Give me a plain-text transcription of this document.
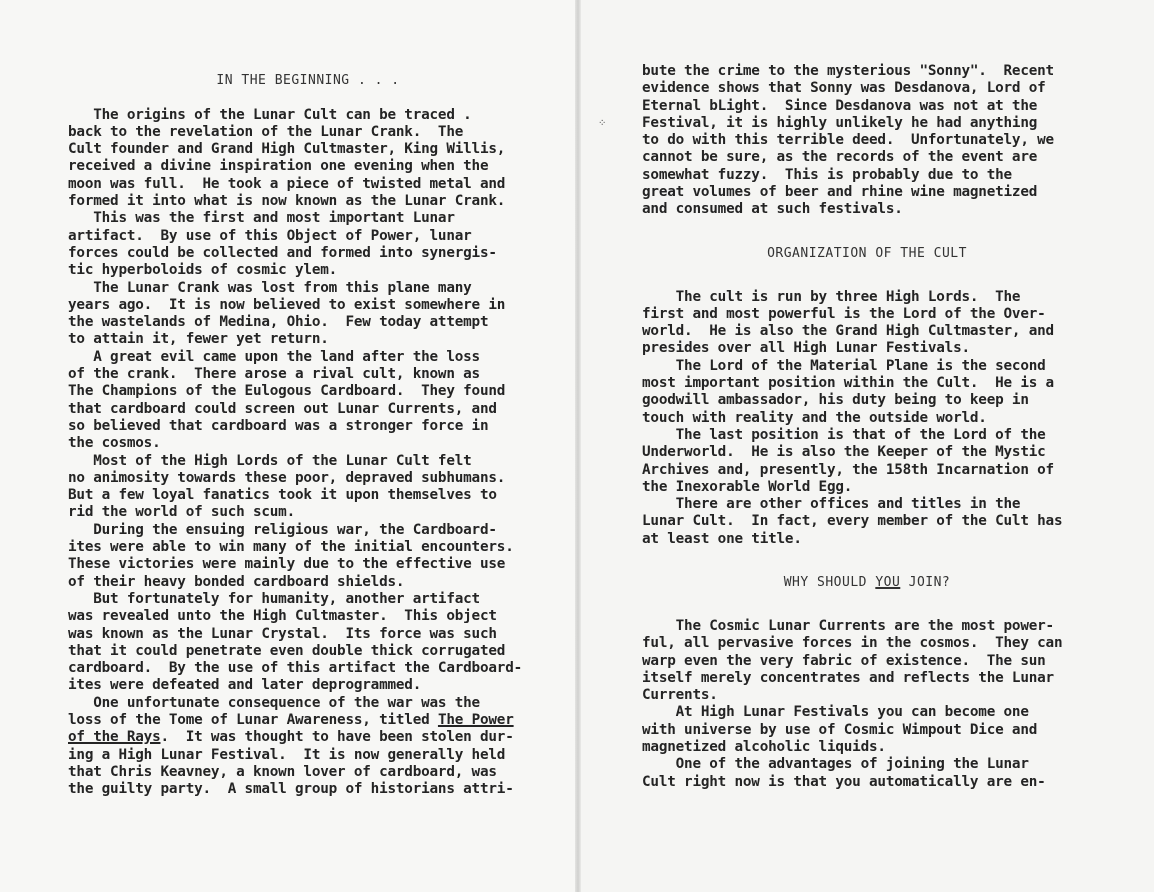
IN THE BEGINNING . . .
The origins of the Lunar Cult can be traced .
back to the revelation of the Lunar Crank.  The
Cult founder and Grand High Cultmaster, King Willis,
received a divine inspiration one evening when the
moon was full.  He took a piece of twisted metal and
formed it into what is now known as the Lunar Crank.
This was the first and most important Lunar
artifact.  By use of this Object of Power, lunar
forces could be collected and formed into synergis-
tic hyperboloids of cosmic ylem.
The Lunar Crank was lost from this plane many
years ago.  It is now believed to exist somewhere in
the wastelands of Medina, Ohio.  Few today attempt
to attain it, fewer yet return.
A great evil came upon the land after the loss
of the crank.  There arose a rival cult, known as
The Champions of the Eulogous Cardboard.  They found
that cardboard could screen out Lunar Currents, and
so believed that cardboard was a stronger force in
the cosmos.
Most of the High Lords of the Lunar Cult felt
no animosity towards these poor, depraved subhumans.
But a few loyal fanatics took it upon themselves to
rid the world of such scum.
During the ensuing religious war, the Cardboard-
ites were able to win many of the initial encounters.
These victories were mainly due to the effective use
of their heavy bonded cardboard shields.
But fortunately for humanity, another artifact
was revealed unto the High Cultmaster.  This object
was known as the Lunar Crystal.  Its force was such
that it could penetrate even double thick corrugated
cardboard.  By the use of this artifact the Cardboard-
ites were defeated and later deprogrammed.
One unfortunate consequence of the war was the
loss of the Tome of Lunar Awareness, titled The Power
of the Rays.  It was thought to have been stolen dur-
ing a High Lunar Festival.  It is now generally held
that Chris Keavney, a known lover of cardboard, was
the guilty party.  A small group of historians attri-
bute the crime to the mysterious "Sonny".  Recent
evidence shows that Sonny was Desdanova, Lord of
Eternal bLight.  Since Desdanova was not at the
Festival, it is highly unlikely he had anything
to do with this terrible deed.  Unfortunately, we
cannot be sure, as the records of the event are
somewhat fuzzy.  This is probably due to the
great volumes of beer and rhine wine magnetized
and consumed at such festivals.
ORGANIZATION OF THE CULT
The cult is run by three High Lords.  The
first and most powerful is the Lord of the Over-
world.  He is also the Grand High Cultmaster, and
presides over all High Lunar Festivals.
The Lord of the Material Plane is the second
most important position within the Cult.  He is a
goodwill ambassador, his duty being to keep in
touch with reality and the outside world.
The last position is that of the Lord of the
Underworld.  He is also the Keeper of the Mystic
Archives and, presently, the 158th Incarnation of
the Inexorable World Egg.
There are other offices and titles in the
Lunar Cult.  In fact, every member of the Cult has
at least one title.
WHY SHOULD YOU JOIN?
The Cosmic Lunar Currents are the most power-
ful, all pervasive forces in the cosmos.  They can
warp even the very fabric of existence.  The sun
itself merely concentrates and reflects the Lunar
Currents.
At High Lunar Festivals you can become one
with universe by use of Cosmic Wimpout Dice and
magnetized alcoholic liquids.
One of the advantages of joining the Lunar
Cult right now is that you automatically are en-
⁘
